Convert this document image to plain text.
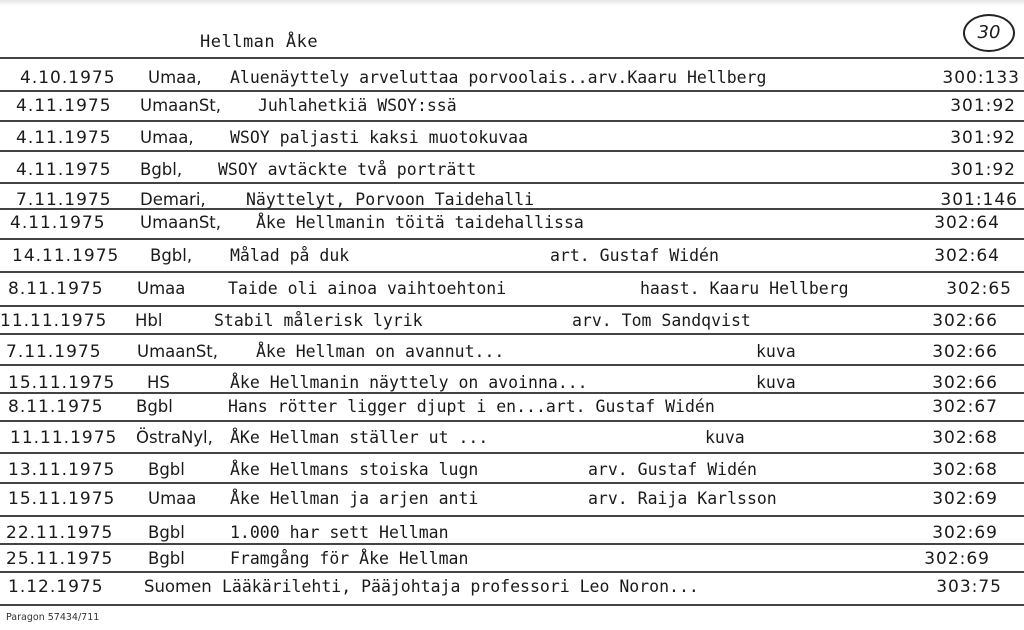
Hellman Åke	30
4.10.1975 Umaa, Aluenäyttely arveluttaa porvoolais..arv.Kaaru Hellberg	300:133
4.11.1975 UmaanSt, Juhlahetkiä WSOY:ssä	301:92
4.11.1975 Umaa, WSOY paljasti kaksi muotokuvaa	301:92
4.11.1975 Bgbl, WSOY avtäckte två porträtt	301:92
7.11.1975 Demari, Näyttelyt, Porvoon Taidehalli	301:146
4.11.1975 UmaanSt, Åke Hellmanin töitä taidehallissa	302:64
14.11.1975 Bgbl, Målad på duk	art. Gustaf Widén	302:64
8.11.1975 Umaa	Taide oli ainoa vaihtoehtoni	haast. Kaaru Hellberg	302:65
11.11.1975 Hbl	Stabil målerisk lyrik	arv. Tom Sandqvist	302:66
7.11.1975 UmaanSt, Åke Hellman on avannut...	kuva	302:66
15.11.1975 HS	Åke Hellmanin näyttely on avoinna...	kuva	302:66
8.11.1975 Bgbl	Hans rötter ligger djupt i en...art. Gustaf Widén	302:67
11.11.1975 ÖstraNyl, ÅKe Hellman ställer ut ...	kuva	302:68
13.11.1975 Bgbl	Åke Hellmans stoiska lugn	arv. Gustaf Widén	302:68
15.11.1975 Umaa Åke Hellman ja arjen anti	arv. Raija Karlsson	302:69
22.11.1975 Bgbl	1.000 har sett Hellman	302:69
25.11.1975 Bgbl	Framgång för Åke Hellman	302:69
1.12.1975 Suomen Lääkärilehti, Pääjohtaja professori Leo Noron...	303:75
Paragon 57434/711
